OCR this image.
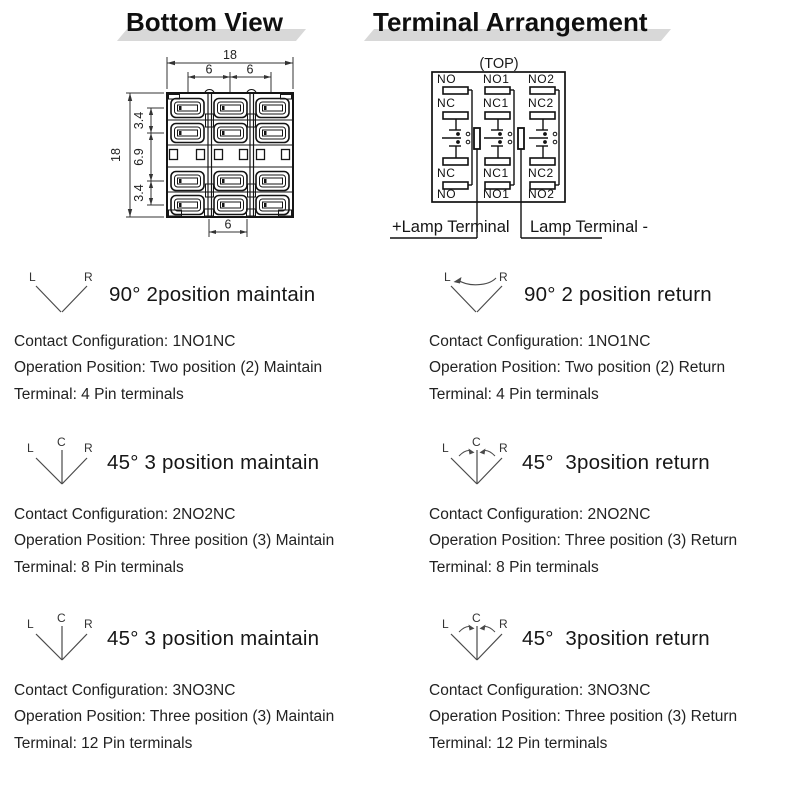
Bottom View	Terminal Arrangement
18
6	6
18
3.4
6.9
3.4
6
(TOP)
NO NO1 NO2
NC NC1 NC2
NC NC1 NC2
NO NO1 NO2
+Lamp Terminal Lamp Terminal -
L	R
90° 2position maintain
Contact Configuration: 1NO1NC
Operation Position: Two position (2) Maintain
Terminal: 4 Pin terminals
L	R
90° 2 position return
Contact Configuration: 1NO1NC
Operation Position: Two position (2) Return
Terminal: 4 Pin terminals
L C R
45° 3 position maintain
Contact Configuration: 2NO2NC
Operation Position: Three position (3) Maintain
Terminal: 8 Pin terminals
L C R
45°  3position return
Contact Configuration: 2NO2NC
Operation Position: Three position (3) Return
Terminal: 8 Pin terminals
L C R
45° 3 position maintain
Contact Configuration: 3NO3NC
Operation Position: Three position (3) Maintain
Terminal: 12 Pin terminals
L C R
45°  3position return
Contact Configuration: 3NO3NC
Operation Position: Three position (3) Return
Terminal: 12 Pin terminals
